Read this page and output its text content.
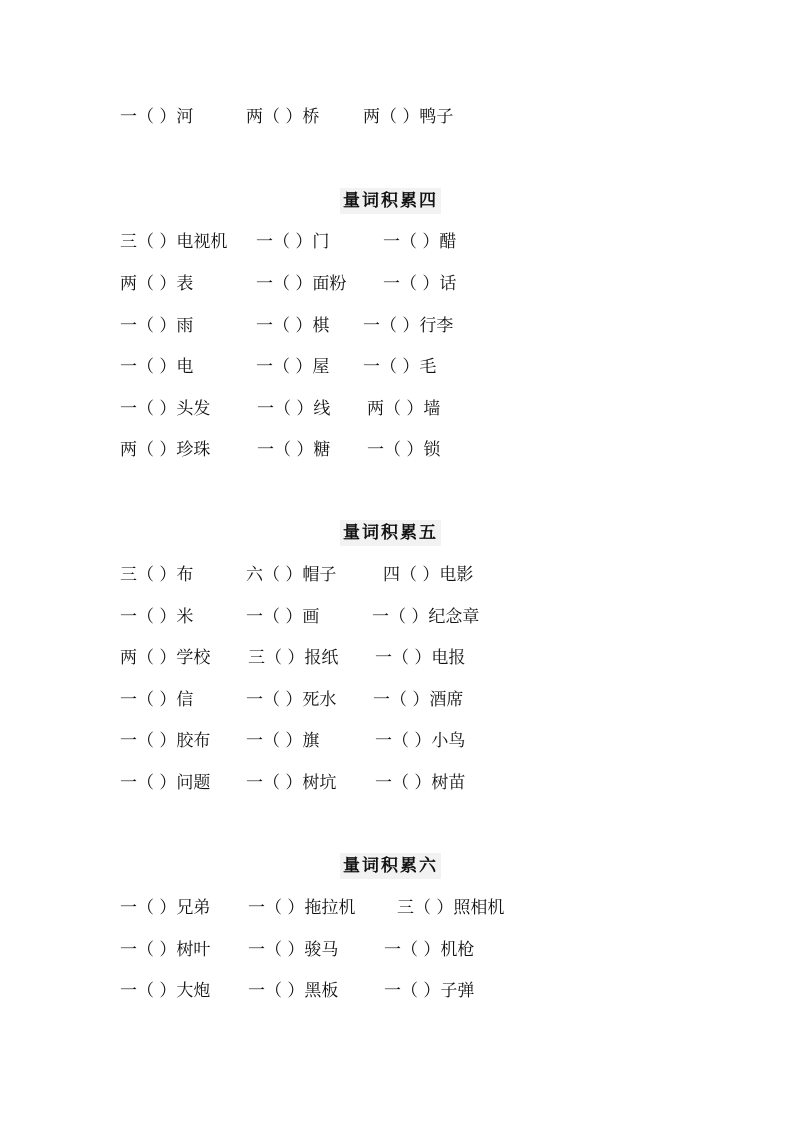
一（ ）河	两（ ）桥	两（ ）鸭子
量词积累四
三（ ）电视机 一（ ）门	一（ ）醋
两（ ）表	一（ ）面粉 一（ ）话
一（ ）雨	一（ ）棋 一（ ）行李
一（ ）电	一（ ）屋 一（ ）毛
一（ ）头发	一（ ）线 两（ ）墙
两（ ）珍珠	一（ ）糖 一（ ）锁
量词积累五
三（ ）布	六（ ）帽子	四（ ）电影
一（ ）米	一（ ）画	一（ ）纪念章
两（ ）学校 三（ ）报纸 一（ ）电报
一（ ）信	一（ ）死水 一（ ）酒席
一（ ）胶布 一（ ）旗	一（ ）小鸟
一（ ）问题 一（ ）树坑 一（ ）树苗
量词积累六
一（ ）兄弟 一（ ）拖拉机 三（ ）照相机
一（ ）树叶 一（ ）骏马	一（ ）机枪
一（ ）大炮 一（ ）黑板	一（ ）子弹
